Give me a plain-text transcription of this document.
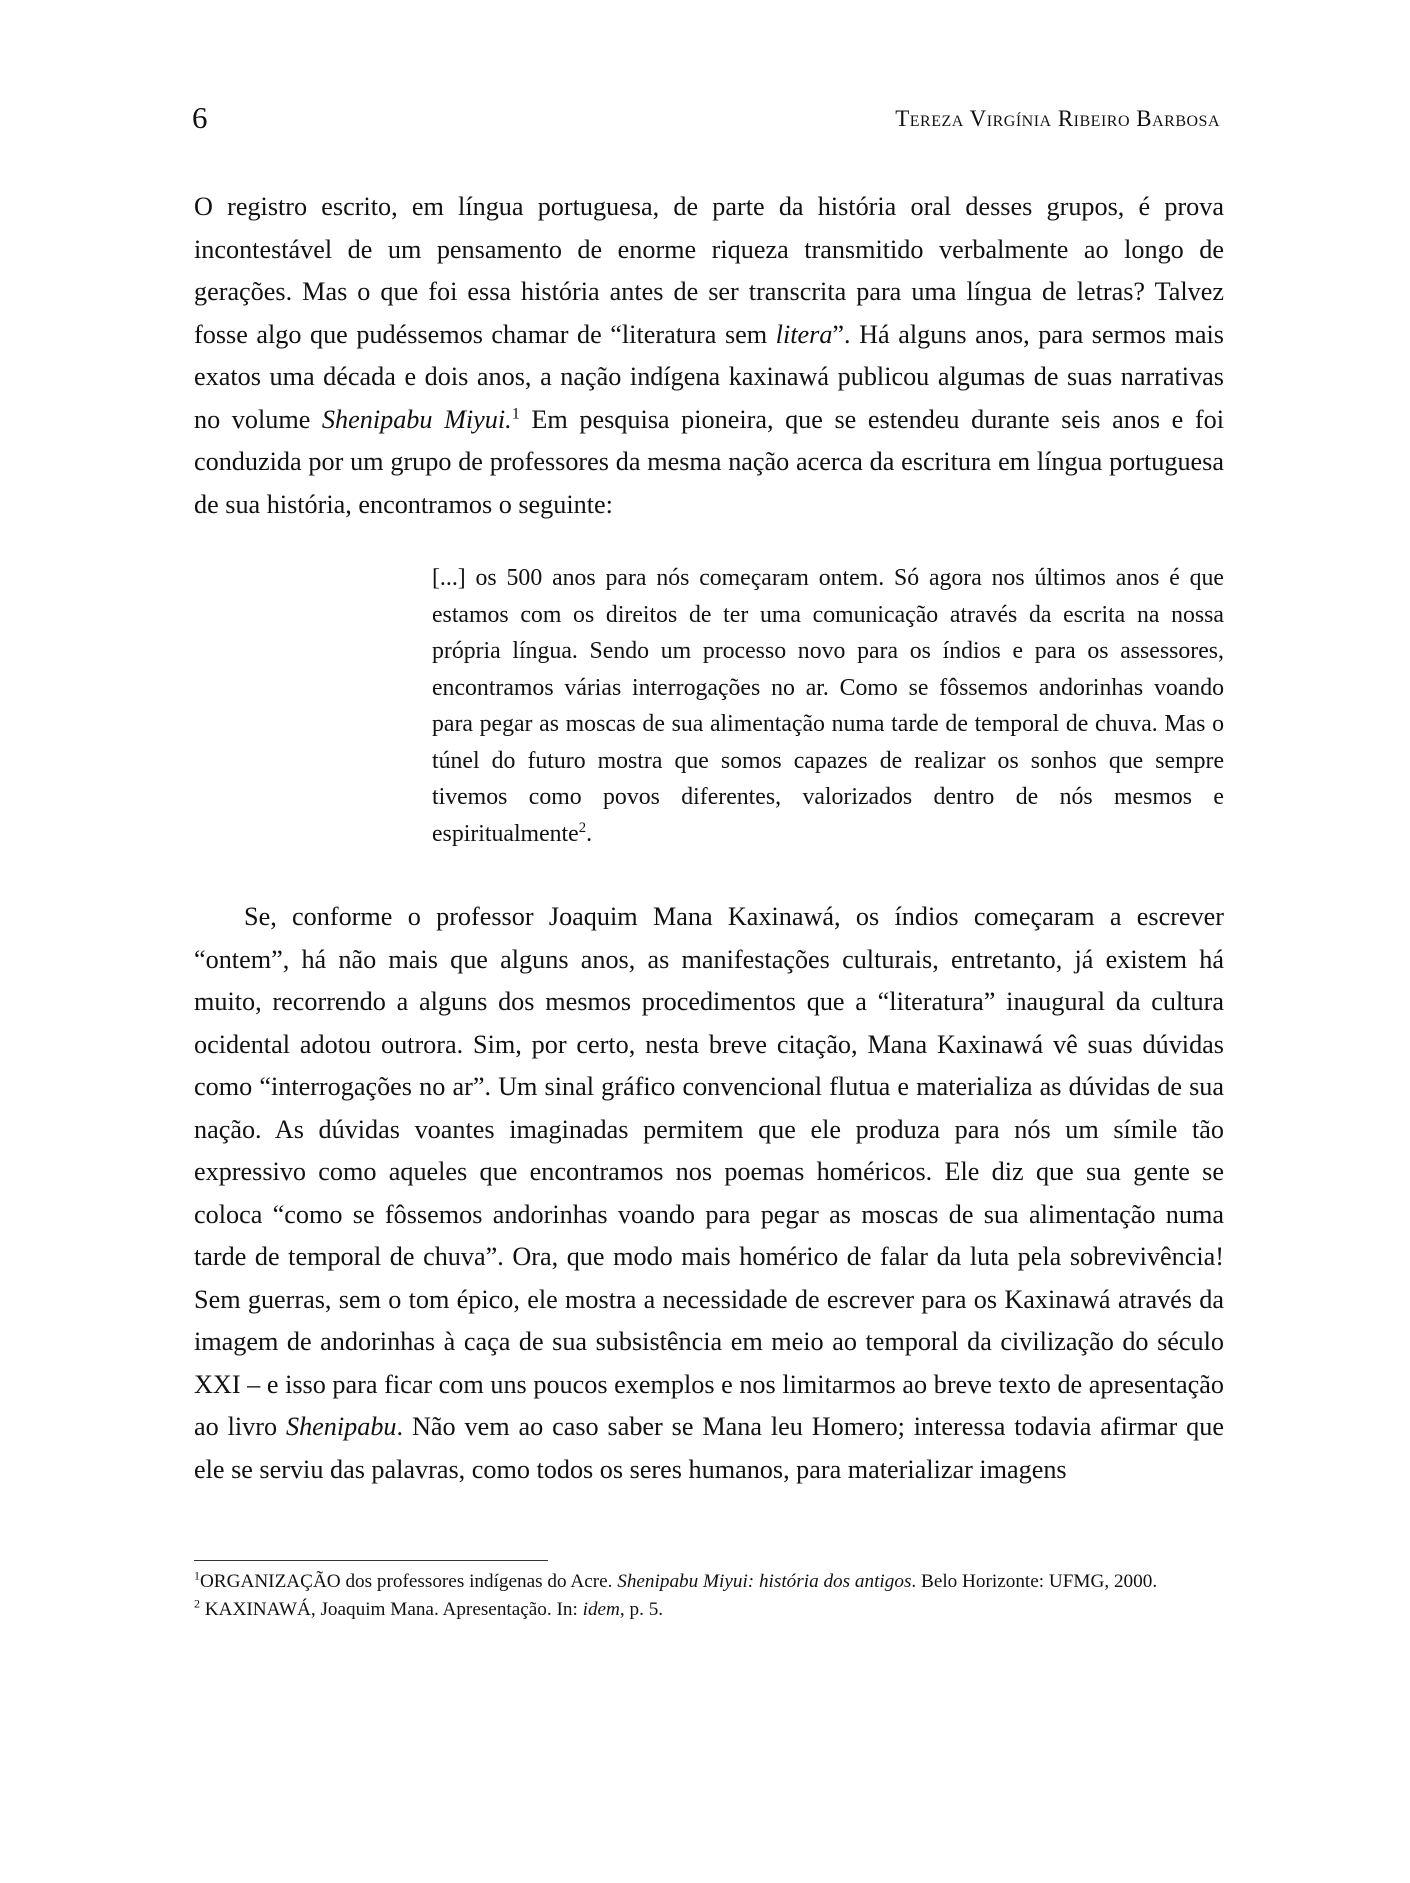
6	Tereza Virgínia Ribeiro Barbosa

O registro escrito, em língua portuguesa, de parte da história oral desses grupos, é prova incontestável de um pensamento de enorme riqueza transmitido verbalmente ao longo de gerações. Mas o que foi essa história antes de ser transcrita para uma língua de letras? Talvez fosse algo que pudéssemos chamar de “literatura sem litera”. Há alguns anos, para sermos mais exatos uma década e dois anos, a nação indígena kaxinawá publicou algumas de suas narrativas no volume Shenipabu Miyui.$^1$ Em pesquisa pioneira, que se estendeu durante seis anos e foi conduzida por um grupo de professores da mesma nação acerca da escritura em língua portuguesa de sua história, encontramos o seguinte:

[...] os 500 anos para nós começaram ontem. Só agora nos últimos anos é que estamos com os direitos de ter uma comunicação através da escrita na nossa própria língua. Sendo um processo novo para os índios e para os assessores, encontramos várias interrogações no ar. Como se fôssemos andorinhas voando para pegar as moscas de sua alimentação numa tarde de temporal de chuva. Mas o túnel do futuro mostra que somos capazes de realizar os sonhos que sempre tivemos como povos diferentes, valorizados dentro de nós mesmos e espiritualmente$^2$.

Se, conforme o professor Joaquim Mana Kaxinawá, os índios começaram a escrever “ontem”, há não mais que alguns anos, as manifestações culturais, entretanto, já existem há muito, recorrendo a alguns dos mesmos procedimentos que a “literatura” inaugural da cultura ocidental adotou outrora. Sim, por certo, nesta breve citação, Mana Kaxinawá vê suas dúvidas como “interrogações no ar”. Um sinal gráfico convencional flutua e materializa as dúvidas de sua nação. As dúvidas voantes imaginadas permitem que ele produza para nós um símile tão expressivo como aqueles que encontramos nos poemas homéricos. Ele diz que sua gente se coloca “como se fôssemos andorinhas voando para pegar as moscas de sua alimentação numa tarde de temporal de chuva”. Ora, que modo mais homérico de falar da luta pela sobrevivência! Sem guerras, sem o tom épico, ele mostra a necessidade de escrever para os Kaxinawá através da imagem de andorinhas à caça de sua subsistência em meio ao temporal da civilização do século XXI – e isso para ficar com uns poucos exemplos e nos limitarmos ao breve texto de apresentação ao livro Shenipabu. Não vem ao caso saber se Mana leu Homero; interessa todavia afirmar que ele se serviu das palavras, como todos os seres humanos, para materializar imagens

$^1$ORGANIZAÇÃO dos professores indígenas do Acre. Shenipabu Miyui: história dos antigos. Belo Horizonte: UFMG, 2000.
$^2$ KAXINAWÁ, Joaquim Mana. Apresentação. In: idem, p. 5.
